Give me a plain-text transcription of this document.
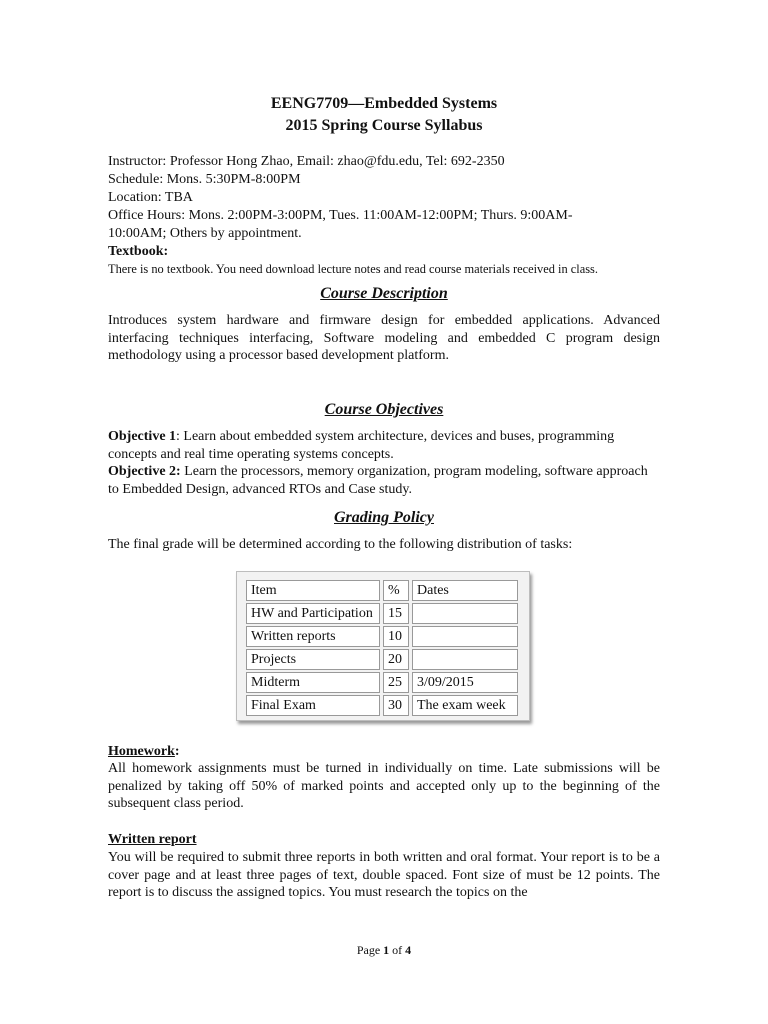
EENG7709—Embedded Systems
2015 Spring Course Syllabus
Instructor: Professor Hong Zhao, Email: zhao@fdu.edu, Tel: 692-2350
Schedule: Mons. 5:30PM-8:00PM
Location: TBA
Office Hours: Mons. 2:00PM-3:00PM, Tues. 11:00AM-12:00PM; Thurs. 9:00AM-
10:00AM; Others by appointment.
Textbook:
There is no textbook. You need download lecture notes and read course materials received in class.
Course Description
Introduces system hardware and firmware design for embedded applications. Advanced interfacing techniques interfacing, Software modeling and embedded C program design methodology using a processor based development platform.
Course Objectives
Objective 1: Learn about embedded system architecture, devices and buses, programming concepts and real time operating systems concepts.
Objective 2: Learn the processors, memory organization, program modeling, software approach to Embedded Design, advanced RTOs and Case study.
Grading Policy
The final grade will be determined according to the following distribution of tasks:
Item	%	Dates
HW and Participation	15	
Written reports	10	
Projects	20	
Midterm	25	3/09/2015
Final Exam	30	The exam week
Homework:
All homework assignments must be turned in individually on time. Late submissions will be penalized by taking off 50% of marked points and accepted only up to the beginning of the subsequent class period.
Written report
You will be required to submit three reports in both written and oral format. Your report is to be a cover page and at least three pages of text, double spaced. Font size of must be 12 points. The report is to discuss the assigned topics. You must research the topics on the
Page 1 of 4
